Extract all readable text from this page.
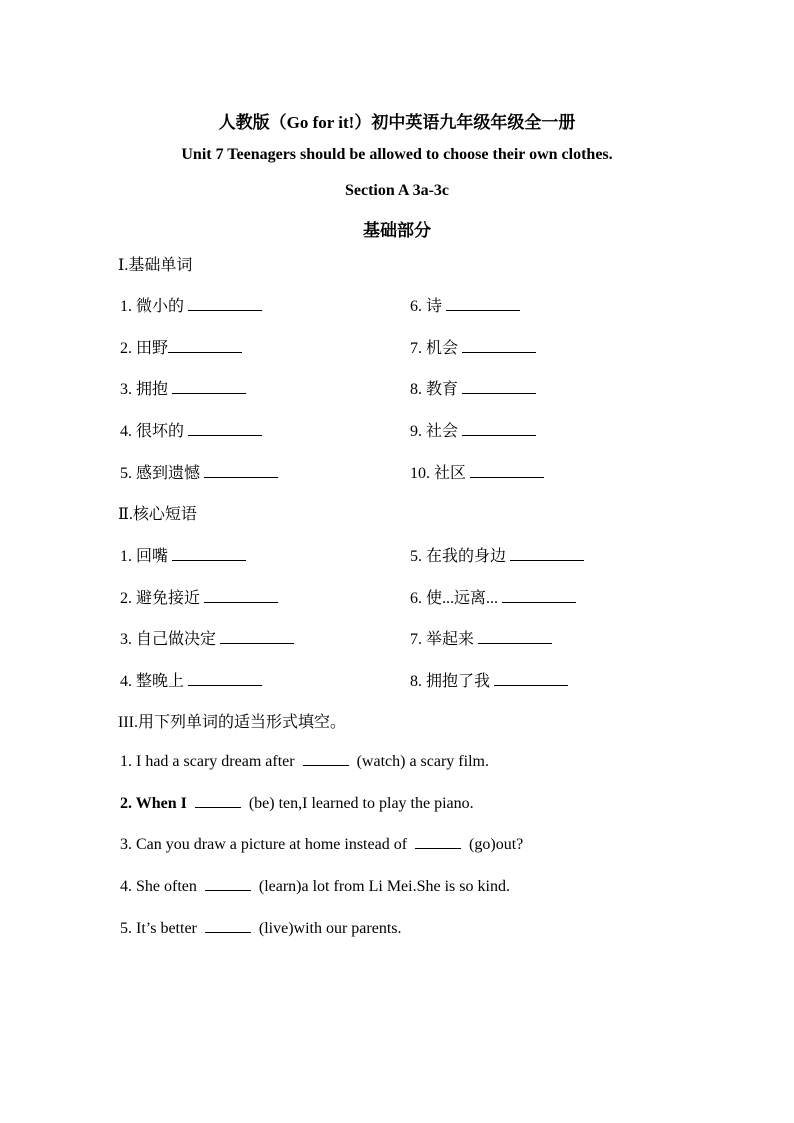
人教版（Go for it!）初中英语九年级年级全一册
Unit 7 Teenagers should be allowed to choose their own clothes.
Section A 3a-3c
基础部分
Ⅰ.基础单词
1. 微小的	6. 诗
2. 田野	7. 机会
3. 拥抱	8. 教育
4. 很坏的	9. 社会
5. 感到遗憾	10. 社区
Ⅱ.核心短语
1. 回嘴	5. 在我的身边
2. 避免接近	6. 使...远离...
3. 自己做决定	7. 举起来
4. 整晚上	8. 拥抱了我
III.用下列单词的适当形式填空。
1. I had a scary dream after	(watch) a scary film.
2. When I	(be) ten,I learned to play the piano.
3. Can you draw a picture at home instead of	(go)out?
4. She often	(learn)a lot from Li Mei.She is so kind.
5. It’s better	(live)with our parents.
